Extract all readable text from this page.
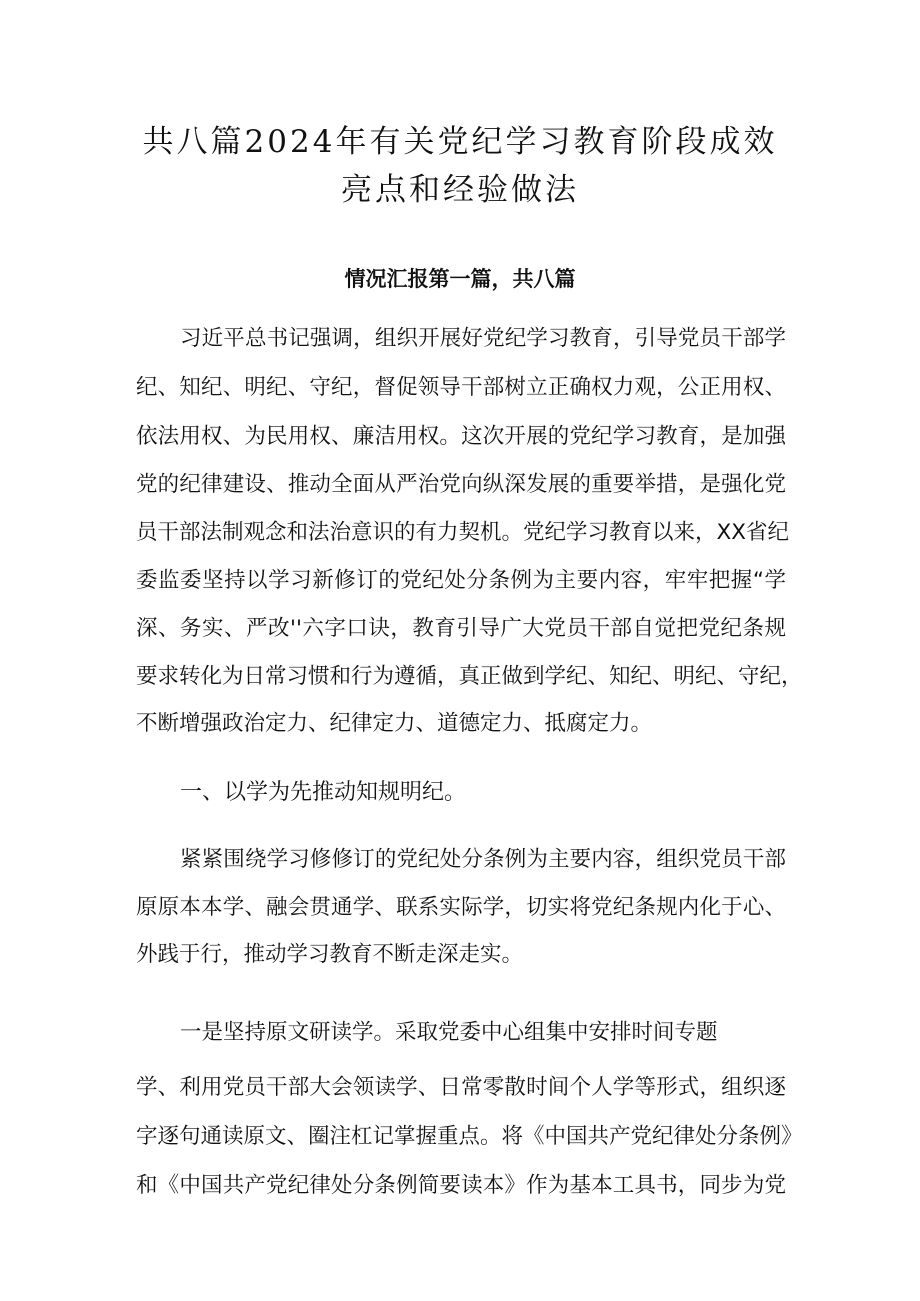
共八篇2024年有关党纪学习教育阶段成效
亮点和经验做法
情况汇报第一篇，共八篇
习近平总书记强调，组织开展好党纪学习教育，引导党员干部学
纪、知纪、明纪、守纪，督促领导干部树立正确权力观，公正用权、
依法用权、为民用权、廉洁用权。这次开展的党纪学习教育，是加强
党的纪律建设、推动全面从严治党向纵深发展的重要举措，是强化党
员干部法制观念和法治意识的有力契机。党纪学习教育以来，XX省纪
委监委坚持以学习新修订的党纪处分条例为主要内容，牢牢把握“学
深、务实、严改''六字口诀，教育引导广大党员干部自觉把党纪条规
要求转化为日常习惯和行为遵循，真正做到学纪、知纪、明纪、守纪，
不断增强政治定力、纪律定力、道德定力、抵腐定力。
一、以学为先推动知规明纪。
紧紧围绕学习修修订的党纪处分条例为主要内容，组织党员干部
原原本本学、融会贯通学、联系实际学，切实将党纪条规内化于心、
外践于行，推动学习教育不断走深走实。
一是坚持原文研读学。采取党委中心组集中安排时间专题
学、利用党员干部大会领读学、日常零散时间个人学等形式，组织逐
字逐句通读原文、圈注杠记掌握重点。将《中国共产党纪律处分条例》
和《中国共产党纪律处分条例简要读本》作为基本工具书，同步为党
